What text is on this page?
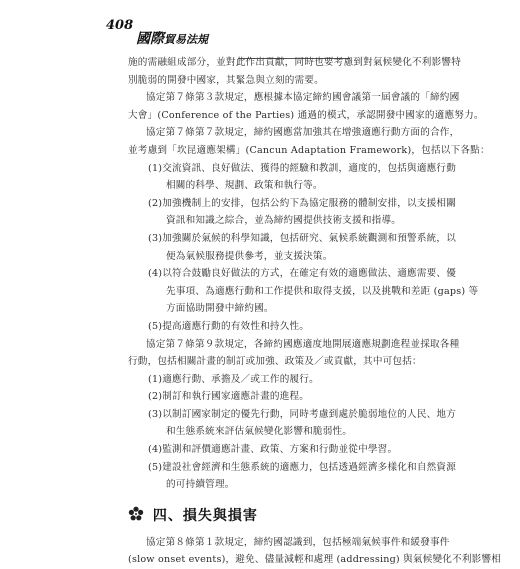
408
國際貿易法規

施的需融組成部分，並對此作出貢獻，同時也要考慮到對氣候變化不利影響特

別脆弱的開發中國家，其緊急與立刻的需要。

協定第７條第３款規定，應根據本協定締約國會議第一屆會議的「締約國

大會」(Conference of the Parties) 通過的模式，承認開發中國家的適應努力。

協定第７條第７款規定，締約國應當加強其在增強適應行動方面的合作，

並考慮到「坎昆適應架構」(Cancun Adaptation Framework)，包括以下各點：

(1)交流資訊、良好做法、獲得的經驗和教訓，適度的，包括與適應行動

相關的科學、規劃、政策和執行等。

(2)加強機制上的安排，包括公約下為協定服務的體制安排，以支援相關

資訊和知識之綜合，並為締約國提供技術支援和指導。

(3)加強關於氣候的科學知識，包括研究、氣候系統觀測和預警系統，以

便為氣候服務提供參考，並支援決策。

(4)以符合鼓勵良好做法的方式，在確定有效的適應做法、適應需要、優

先事項、為適應行動和工作提供和取得支援，以及挑戰和差距 (gaps) 等

方面協助開發中締約國。

(5)提高適應行動的有效性和持久性。

協定第７條第９款規定，各締約國應適度地開展適應規劃進程並採取各種

行動，包括相關計畫的制訂或加強、政策及／或貢獻，其中可包括：

(1)適應行動、承擔及／或工作的履行。

(2)制訂和執行國家適應計畫的進程。

(3)以制訂國家制定的優先行動，同時考慮到處於脆弱地位的人民、地方

和生態系統來評估氣候變化影響和脆弱性。

(4)監測和評價適應計畫、政策、方案和行動並從中學習。

(5)建設社會經濟和生態系統的適應力，包括透過經濟多樣化和自然資源

的可持續管理。

四、損失與損害

協定第８條第１款規定，締約國認識到，包括極端氣候事件和緩發事件

(slow onset events)，避免、儘量減輕和處理 (addressing) 與氣候變化不利影響相
